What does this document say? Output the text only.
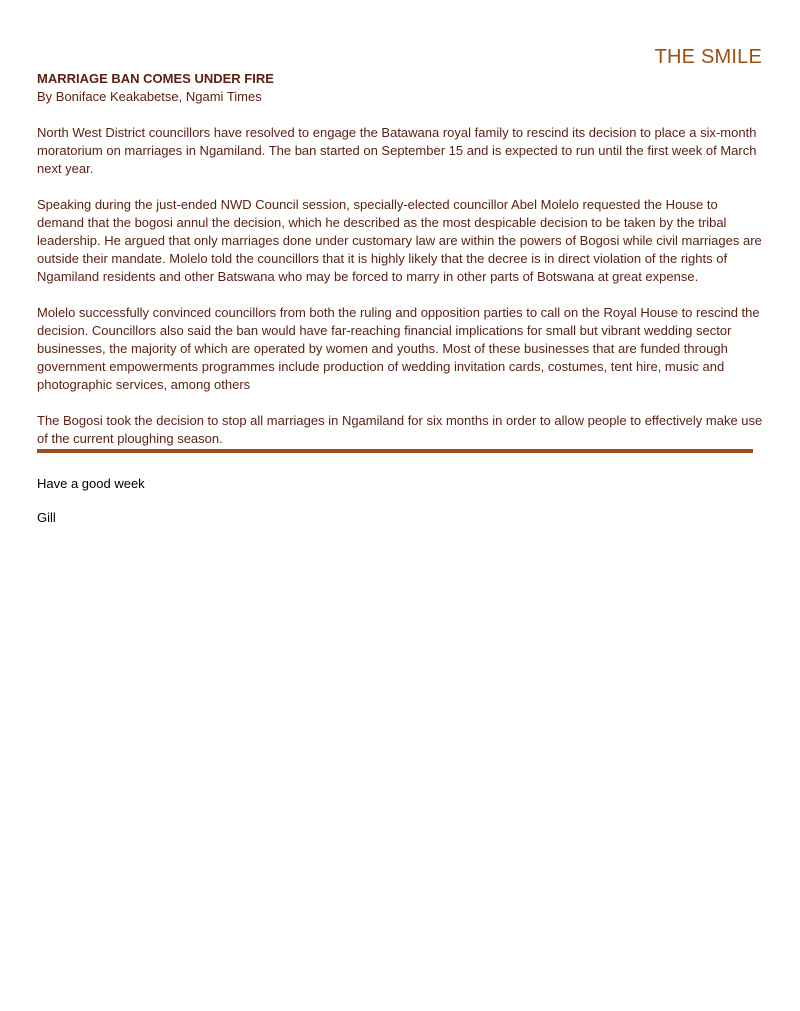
THE SMILE
MARRIAGE BAN COMES UNDER FIRE
By Boniface Keakabetse, Ngami Times

North West District councillors have resolved to engage the Batawana royal family to rescind its decision to place a six-month moratorium on marriages in Ngamiland. The ban started on September 15 and is expected to run until the first week of March next year.

Speaking during the just-ended NWD Council session, specially-elected councillor Abel Molelo requested the House to demand that the bogosi annul the decision, which he described as the most despicable decision to be taken by the tribal leadership. He argued that only marriages done under customary law are within the powers of Bogosi while civil marriages are outside their mandate. Molelo told the councillors that it is highly likely that the decree is in direct violation of the rights of Ngamiland residents and other Batswana who may be forced to marry in other parts of Botswana at great expense.

Molelo successfully convinced councillors from both the ruling and opposition parties to call on the Royal House to rescind the decision. Councillors also said the ban would have far-reaching financial implications for small but vibrant wedding sector businesses, the majority of which are operated by women and youths. Most of these businesses that are funded through government empowerments programmes include production of wedding invitation cards, costumes, tent hire, music and photographic services, among others

The Bogosi took the decision to stop all marriages in Ngamiland for six months in order to allow people to effectively make use of the current ploughing season.

Have a good week
Gill
